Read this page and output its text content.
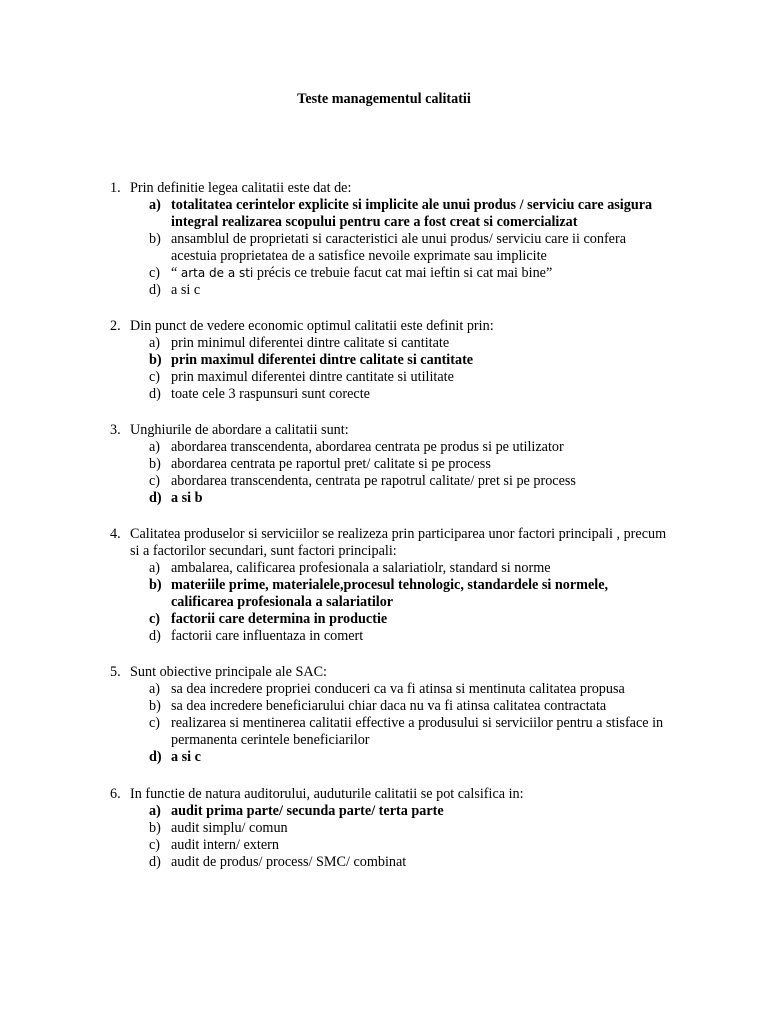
Teste managementul calitatii
1. Prin definitie legea calitatii este dat de:
a) totalitatea cerintelor explicite si implicite ale unui produs / serviciu care asigura integral realizarea scopului pentru care a fost creat si comercializat
b) ansamblul de proprietati si caracteristici ale unui produs/ serviciu care ii confera acestuia proprietatea de a satisfice nevoile exprimate sau implicite
c) “ arta de a sti précis ce trebuie facut cat mai ieftin si cat mai bine”
d) a si c
2. Din punct de vedere economic optimul calitatii este definit prin:
a) prin minimul diferentei dintre calitate si cantitate
b) prin maximul diferentei dintre calitate si cantitate
c) prin maximul diferentei dintre cantitate si utilitate
d) toate cele 3 raspunsuri sunt corecte
3. Unghiurile de abordare a calitatii sunt:
a) abordarea transcendenta, abordarea centrata pe produs si pe utilizator
b) abordarea centrata pe raportul pret/ calitate si pe process
c) abordarea transcendenta, centrata pe rapotrul calitate/ pret si pe process
d) a si b
4. Calitatea produselor si serviciilor se realizeza prin participarea unor factori principali , precum si a factorilor secundari, sunt factori principali:
a) ambalarea, calificarea profesionala a salariatiolr, standard si norme
b) materiile prime, materialele,procesul tehnologic, standardele si normele, calificarea profesionala a salariatilor
c) factorii care determina in productie
d) factorii care influentaza in comert
5. Sunt obiective principale ale SAC:
a) sa dea incredere propriei conduceri ca va fi atinsa si mentinuta calitatea propusa
b) sa dea incredere beneficiarului chiar daca nu va fi atinsa calitatea contractata
c) realizarea si mentinerea calitatii effective a produsului si serviciilor pentru a stisface in permanenta cerintele beneficiarilor
d) a si c
6. In functie de natura auditorului, auduturile calitatii se pot calsifica in:
a) audit prima parte/ secunda parte/ terta parte
b) audit simplu/ comun
c) audit intern/ extern
d) audit de produs/ process/ SMC/ combinat
